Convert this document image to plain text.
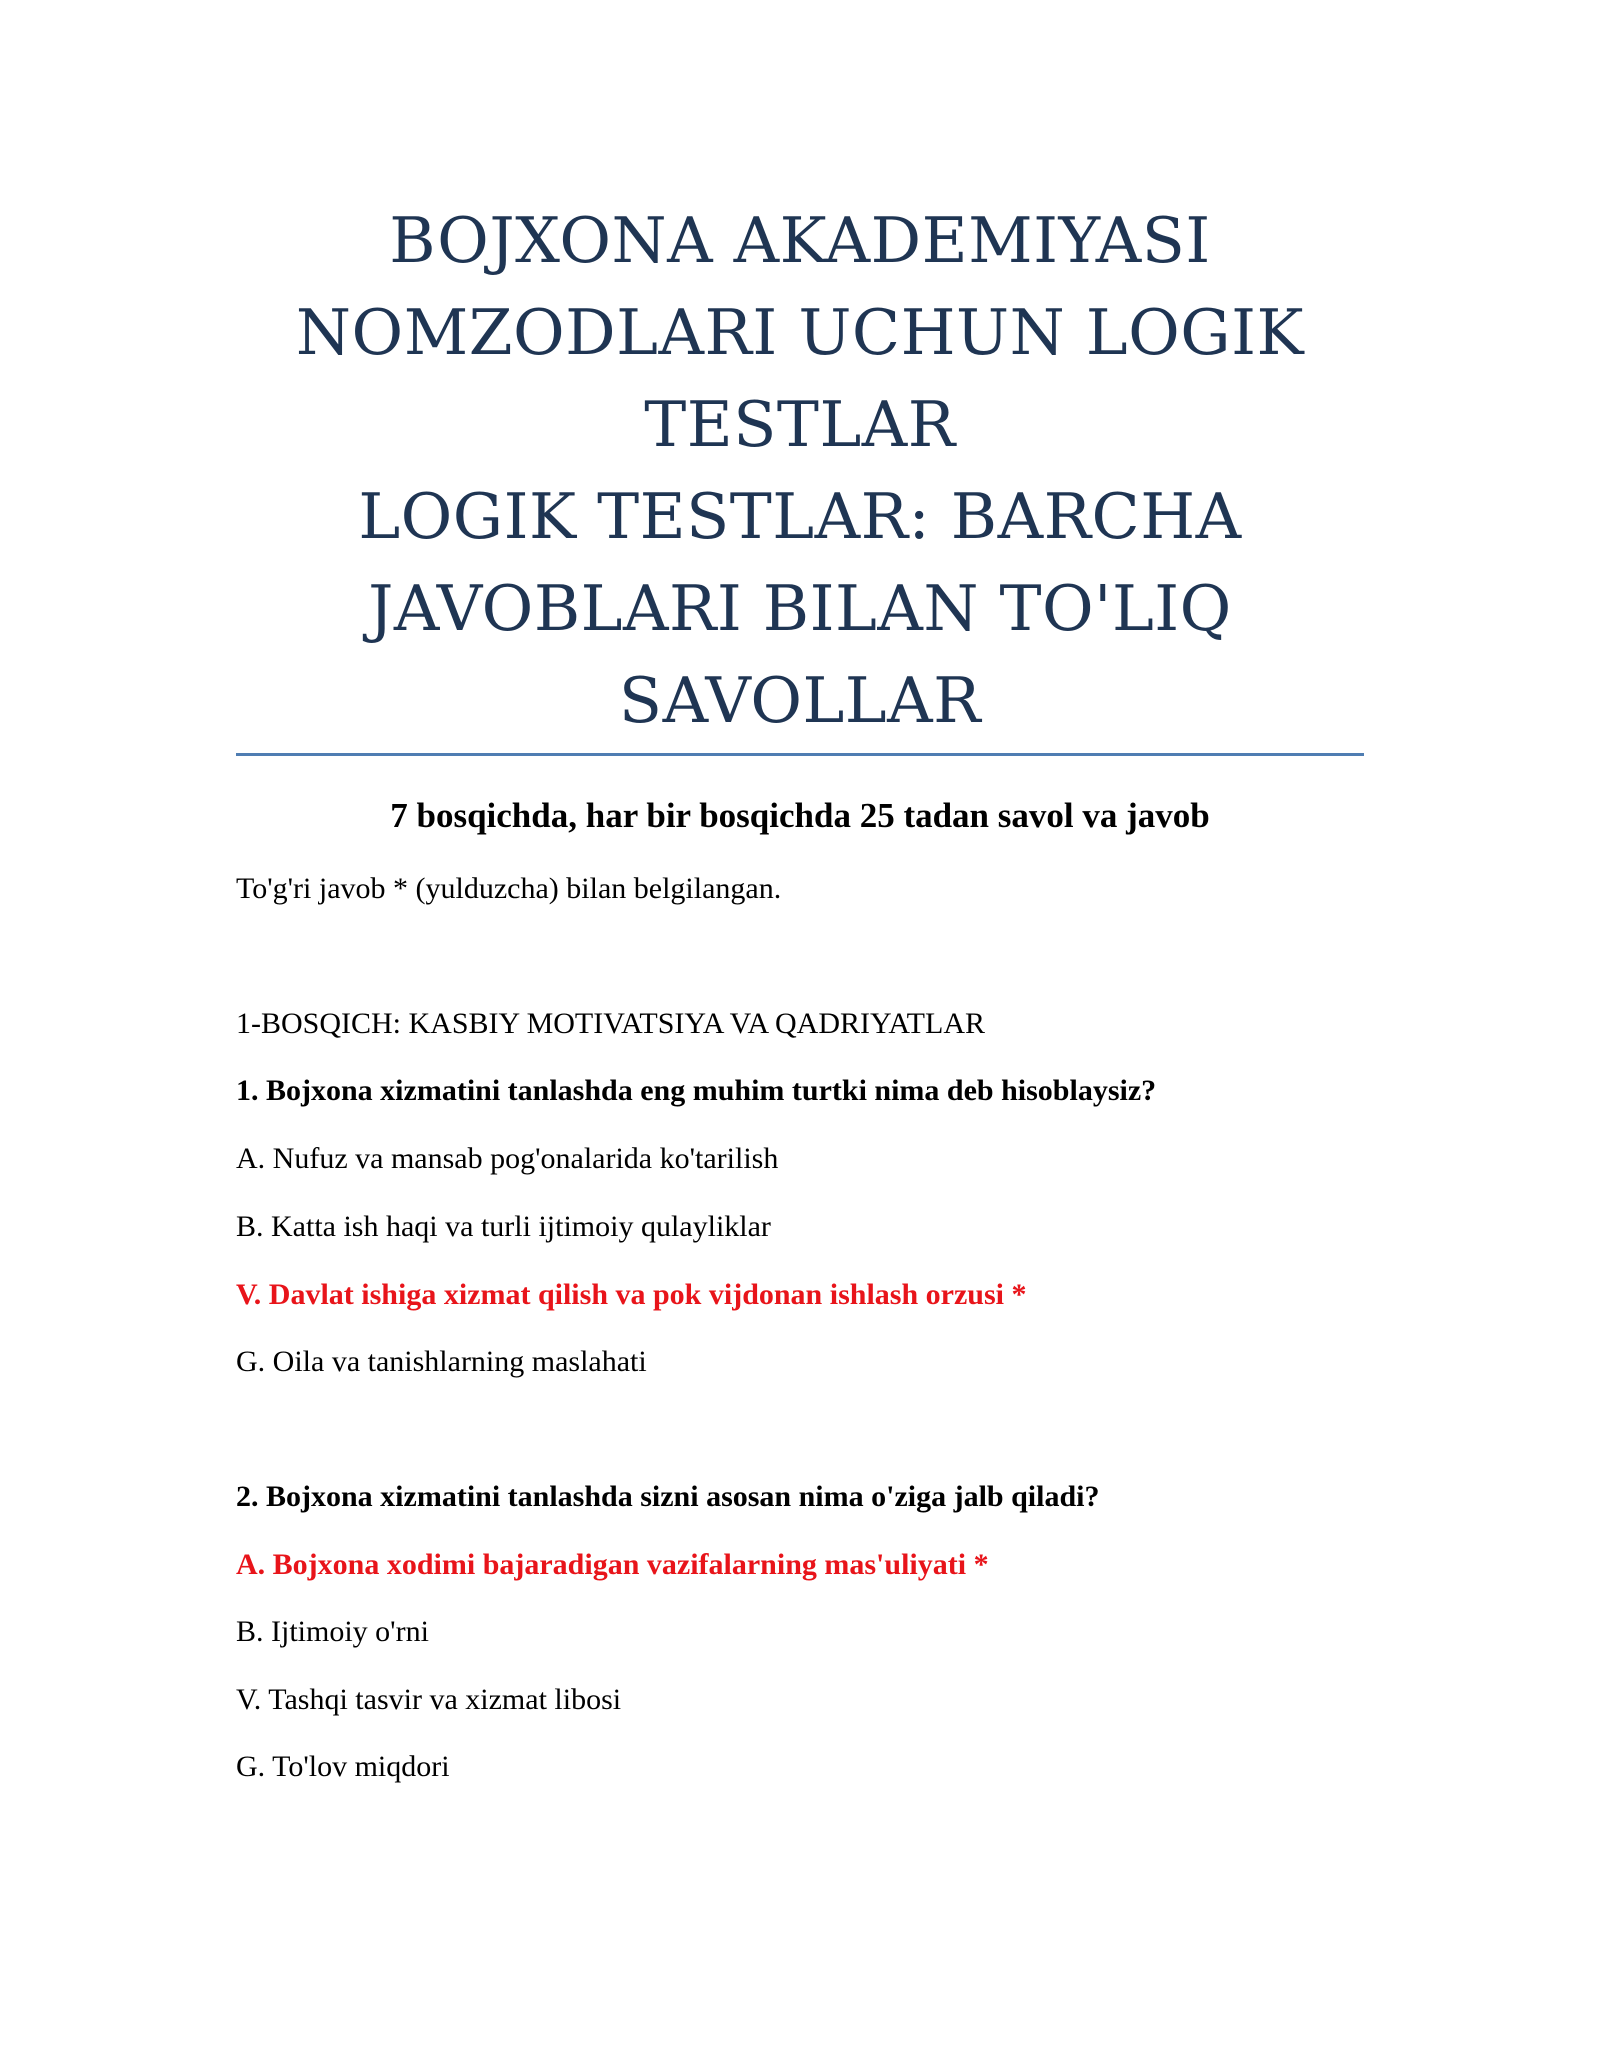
BOJXONA AKADEMIYASI
NOMZODLARI UCHUN LOGIK
TESTLAR
LOGIK TESTLAR: BARCHA
JAVOBLARI BILAN TO'LIQ
SAVOLLAR
7 bosqichda, har bir bosqichda 25 tadan savol va javob
To'g'ri javob * (yulduzcha) bilan belgilangan.
1-BOSQICH: KASBIY MOTIVATSIYA VA QADRIYATLAR
1. Bojxona xizmatini tanlashda eng muhim turtki nima deb hisoblaysiz?
A. Nufuz va mansab pog'onalarida ko'tarilish
B. Katta ish haqi va turli ijtimoiy qulayliklar
V. Davlat ishiga xizmat qilish va pok vijdonan ishlash orzusi *
G. Oila va tanishlarning maslahati
2. Bojxona xizmatini tanlashda sizni asosan nima o'ziga jalb qiladi?
A. Bojxona xodimi bajaradigan vazifalarning mas'uliyati *
B. Ijtimoiy o'rni
V. Tashqi tasvir va xizmat libosi
G. To'lov miqdori
